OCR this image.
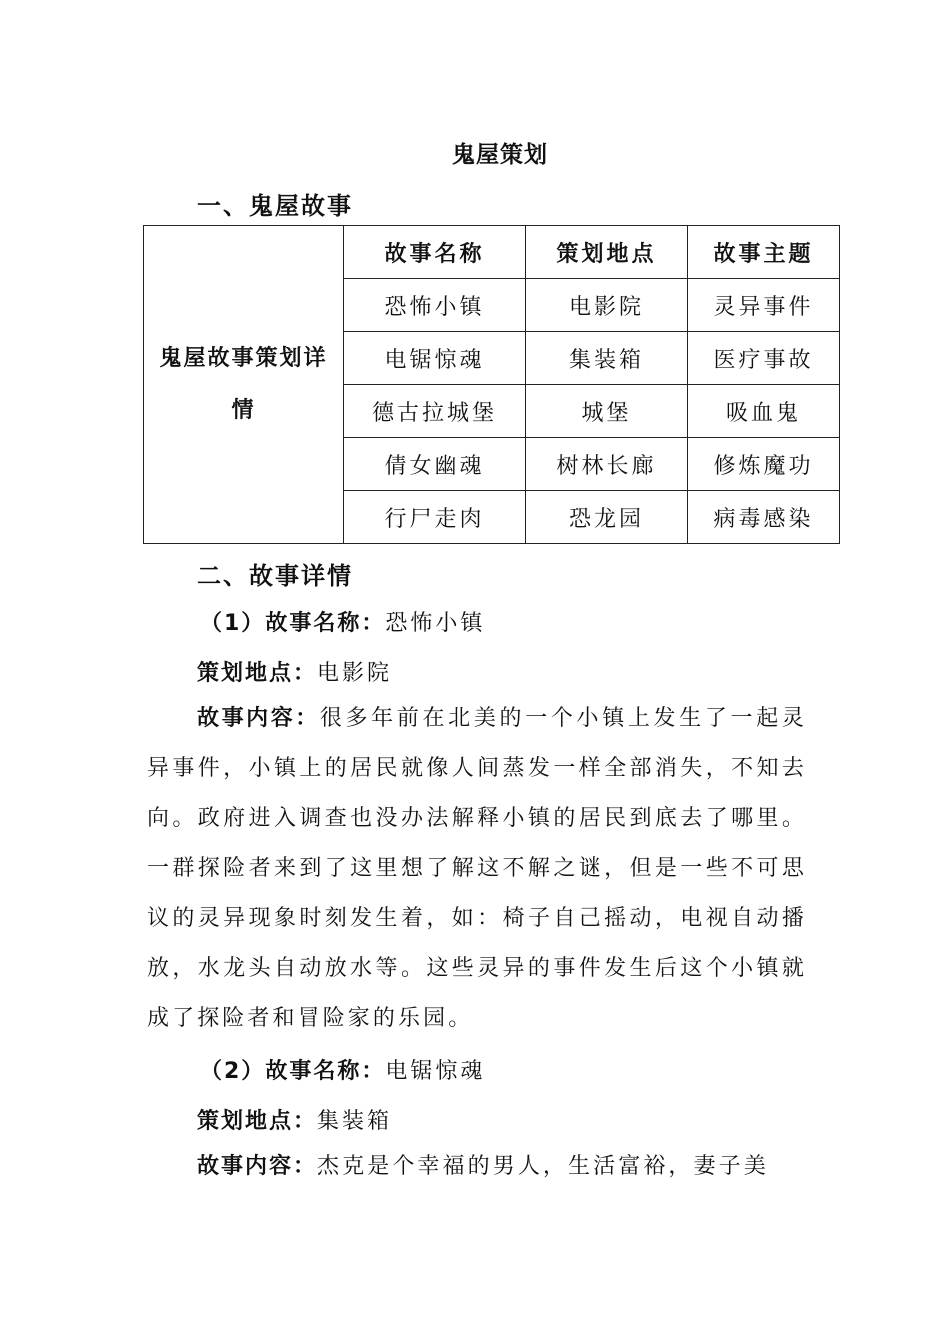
鬼屋策划
一、鬼屋故事
鬼屋故事策划详情	故事名称	策划地点	故事主题
	恐怖小镇	电影院	灵异事件
	电锯惊魂	集装箱	医疗事故
	德古拉城堡	城堡	吸血鬼
	倩女幽魂	树林长廊	修炼魔功
	行尸走肉	恐龙园	病毒感染
二、故事详情
（1）故事名称：恐怖小镇
策划地点：电影院
故事内容：很多年前在北美的一个小镇上发生了一起灵异事件，小镇上的居民就像人间蒸发一样全部消失，不知去向。政府进入调查也没办法解释小镇的居民到底去了哪里。一群探险者来到了这里想了解这不解之谜，但是一些不可思议的灵异现象时刻发生着，如：椅子自己摇动，电视自动播放，水龙头自动放水等。这些灵异的事件发生后这个小镇就成了探险者和冒险家的乐园。
（2）故事名称：电锯惊魂
策划地点：集装箱
故事内容：杰克是个幸福的男人，生活富裕，妻子美
